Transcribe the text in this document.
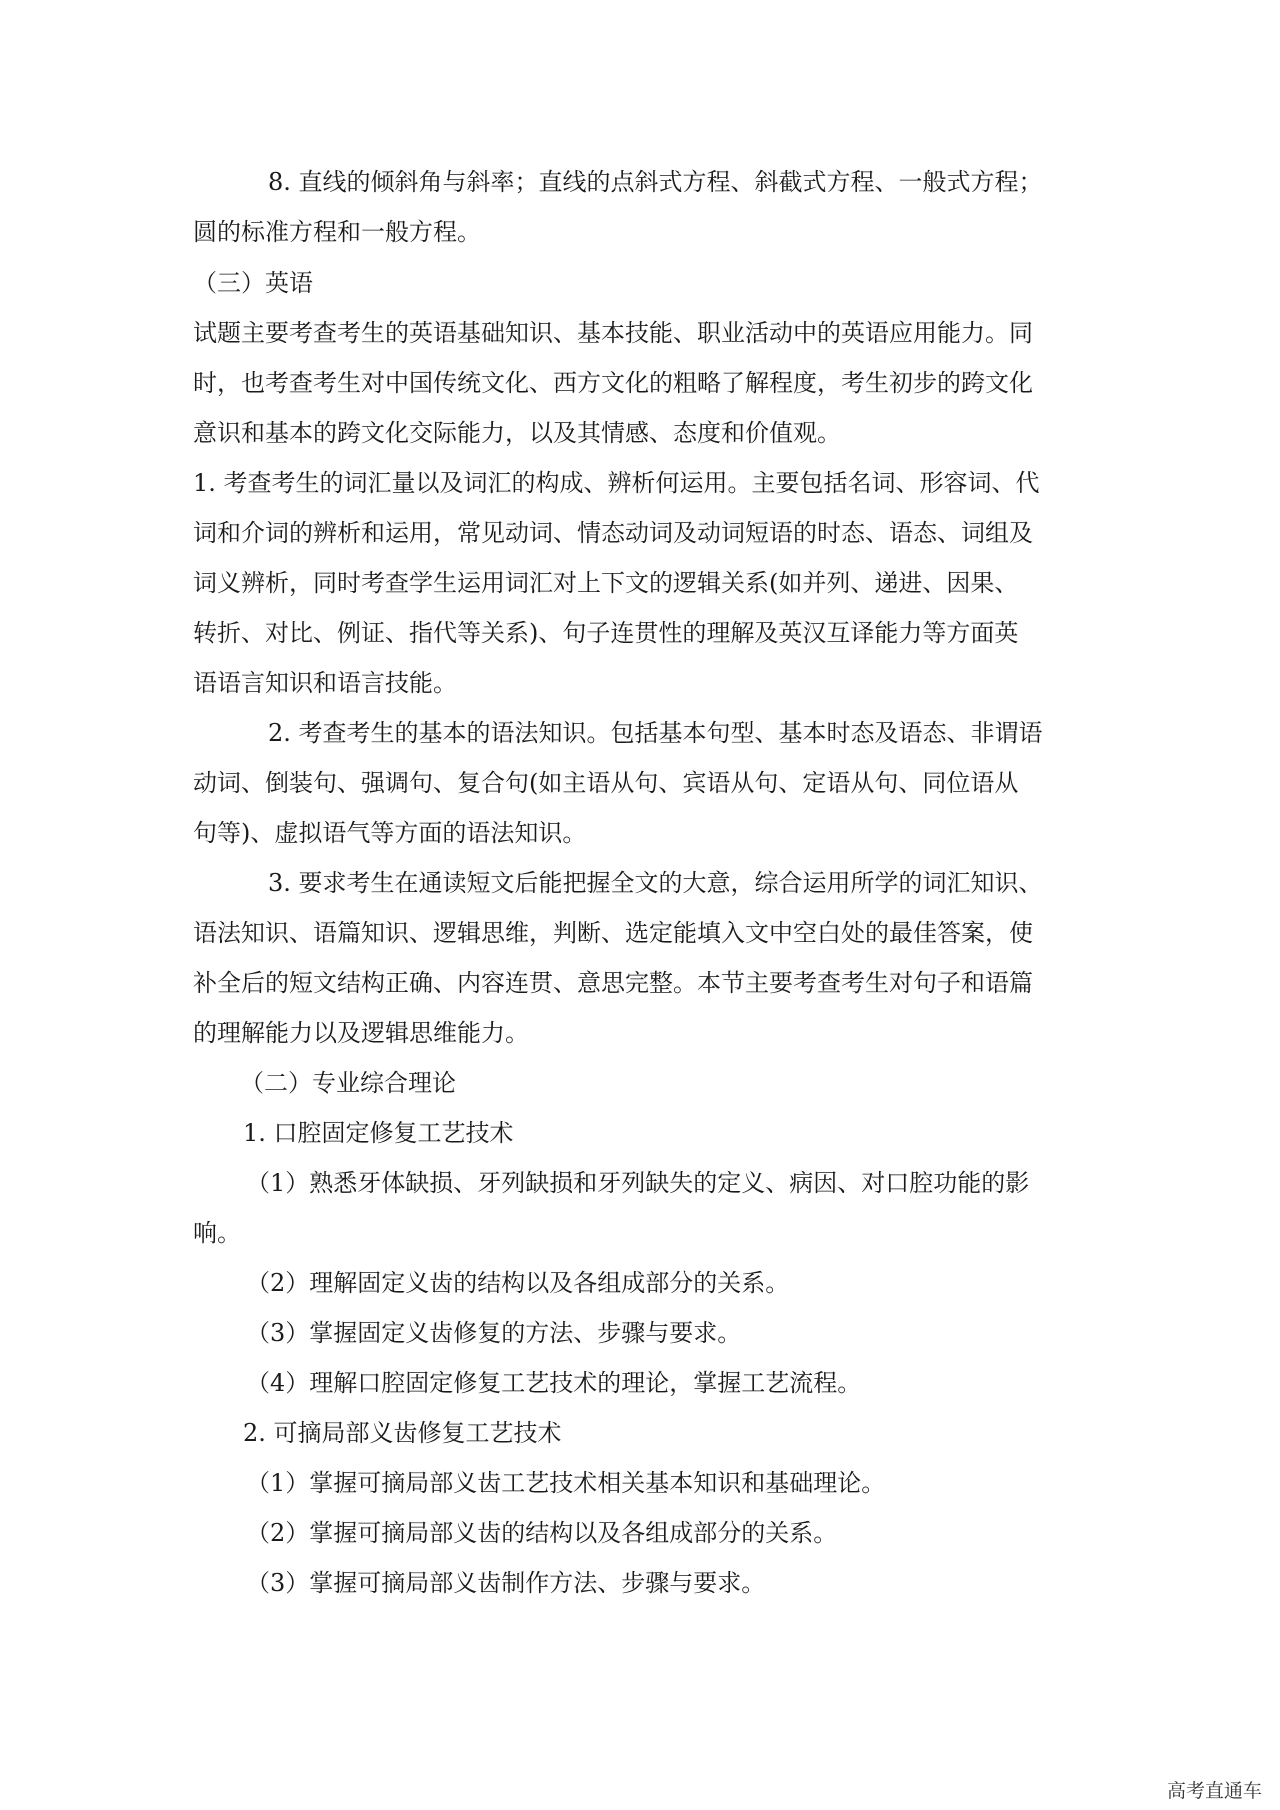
8. 直线的倾斜角与斜率；直线的点斜式方程、斜截式方程、一般式方程；
圆的标准方程和一般方程。
（三）英语
试题主要考查考生的英语基础知识、基本技能、职业活动中的英语应用能力。同
时，也考查考生对中国传统文化、西方文化的粗略了解程度，考生初步的跨文化
意识和基本的跨文化交际能力，以及其情感、态度和价值观。
1. 考查考生的词汇量以及词汇的构成、辨析何运用。主要包括名词、形容词、代
词和介词的辨析和运用，常见动词、情态动词及动词短语的时态、语态、词组及
词义辨析，同时考查学生运用词汇对上下文的逻辑关系(如并列、递进、因果、
转折、对比、例证、指代等关系)、句子连贯性的理解及英汉互译能力等方面英
语语言知识和语言技能。
2. 考查考生的基本的语法知识。包括基本句型、基本时态及语态、非谓语
动词、倒装句、强调句、复合句(如主语从句、宾语从句、定语从句、同位语从
句等)、虚拟语气等方面的语法知识。
3. 要求考生在通读短文后能把握全文的大意，综合运用所学的词汇知识、
语法知识、语篇知识、逻辑思维，判断、选定能填入文中空白处的最佳答案，使
补全后的短文结构正确、内容连贯、意思完整。本节主要考查考生对句子和语篇
的理解能力以及逻辑思维能力。
（二）专业综合理论
1. 口腔固定修复工艺技术
（1）熟悉牙体缺损、牙列缺损和牙列缺失的定义、病因、对口腔功能的影
响。
（2）理解固定义齿的结构以及各组成部分的关系。
（3）掌握固定义齿修复的方法、步骤与要求。
（4）理解口腔固定修复工艺技术的理论，掌握工艺流程。
2. 可摘局部义齿修复工艺技术
（1）掌握可摘局部义齿工艺技术相关基本知识和基础理论。
（2）掌握可摘局部义齿的结构以及各组成部分的关系。
（3）掌握可摘局部义齿制作方法、步骤与要求。
高考直通车
